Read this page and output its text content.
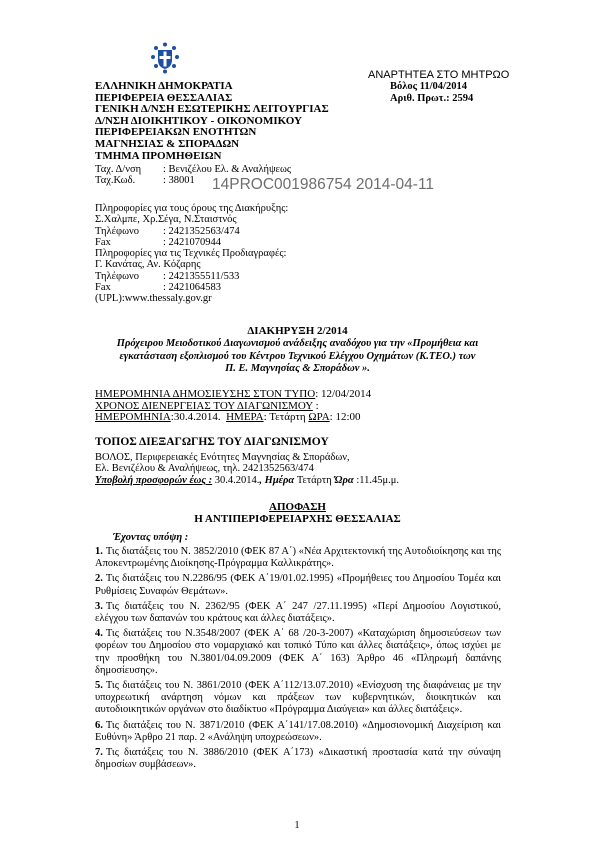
ΑΝΑΡΤΗΤΕΑ ΣΤΟ ΜΗΤΡΩΟ
Βόλος 11/04/2014
Αριθ. Πρωτ.: 2594
ΕΛΛΗΝΙΚΗ ΔΗΜΟΚΡΑΤΙΑ
ΠΕΡΙΦΕΡΕΙΑ ΘΕΣΣΑΛΙΑΣ
ΓΕΝΙΚΗ Δ/ΝΣΗ ΕΣΩΤΕΡΙΚΗΣ ΛΕΙΤΟΥΡΓΙΑΣ
Δ/ΝΣΗ ΔΙΟΙΚΗΤΙΚΟΥ - ΟΙΚΟΝΟΜΙΚΟΥ
ΠΕΡΙΦΕΡΕΙΑΚΩΝ ΕΝΟΤΗΤΩΝ
ΜΑΓΝΗΣΙΑΣ & ΣΠΟΡΑΔΩΝ
ΤΜΗΜΑ ΠΡΟΜΗΘΕΙΩΝ
Ταχ. Δ/νση : Βενιζέλου Ελ. & Αναλήψεως
Ταχ.Κωδ.	: 38001	14PROC001986754 2014-04-11
Πληροφορίες για τους όρους της Διακήρυξης:
Σ.Χαλμπε, Χρ.Σέγα, Ν.Σταιστνός
Τηλέφωνο : 2421352563/474
Fax	: 2421070944
Πληροφορίες για τις Τεχνικές Προδιαγραφές:
Γ. Κανάτας, Αν. Κόζαρης
Τηλέφωνο : 2421355511/533
Fax	: 2421064583
(UPL):www.thessaly.gov.gr
ΔΙΑΚΗΡΥΞΗ 2/2014
Πρόχειρου Μειοδοτικού Διαγωνισμού ανάδειξης αναδόχου για την «Προμήθεια και
εγκατάσταση εξοπλισμού του Κέντρου Τεχνικού Ελέγχου Οχημάτων (Κ.ΤΕΟ.) των
Π. Ε. Μαγνησίας & Σποράδων ».
ΗΜΕΡΟΜΗΝΙΑ ΔΗΜΟΣΙΕΥΣΗΣ ΣΤΟΝ ΤΥΠΟ: 12/04/2014
ΧΡΟΝΟΣ ΔΙΕΝΕΡΓΕΙΑΣ ΤΟΥ ΔΙΑΓΩΝΙΣΜΟΥ :
ΗΜΕΡΟΜΗΝΙΑ:30.4.2014. ΗΜΕΡΑ: Τετάρτη ΩΡΑ: 12:00
ΤΟΠΟΣ ΔΙΕΞΑΓΩΓΗΣ ΤΟΥ ΔΙΑΓΩΝΙΣΜΟΥ
ΒΟΛΟΣ, Περιφερειακές Ενότητες Μαγνησίας & Σποράδων,
Ελ. Βενιζέλου & Αναλήψεως, τηλ. 2421352563/474
Υποβολή προσφορών έως : 30.4.2014., Ημέρα Τετάρτη Ώρα :11.45μ.μ.
ΑΠΟΦΑΣΗ
Η ΑΝΤΙΠΕΡΙΦΕΡΕΙΑΡΧΗΣ ΘΕΣΣΑΛΙΑΣ
Έχοντας υπόψη :
1. Τις διατάξεις του Ν. 3852/2010 (ΦΕΚ 87 Α΄) «Νέα Αρχιτεκτονική της Αυτοδιοίκησης και της Αποκεντρωμένης Διοίκησης-Πρόγραμμα Καλλικράτης».
2. Τις διατάξεις του Ν.2286/95 (ΦΕΚ Α΄19/01.02.1995) «Προμήθειες του Δημοσίου Τομέα και Ρυθμίσεις Συναφών Θεμάτων».
3. Τις διατάξεις του Ν. 2362/95 (ΦΕΚ Α΄ 247 /27.11.1995) «Περί Δημοσίου Λογιστικού, ελέγχου των δαπανών του κράτους και άλλες διατάξεις».
4. Τις διατάξεις του Ν.3548/2007 (ΦΕΚ Α΄ 68 /20-3-2007) «Καταχώριση δημοσιεύσεων των φορέων του Δημοσίου στο νομαρχιακό και τοπικό Τύπο και άλλες διατάξεις», όπως ισχύει με την προσθήκη του Ν.3801/04.09.2009 (ΦΕΚ Α΄ 163) Άρθρο 46 «Πληρωμή δαπάνης δημοσίευσης».
5. Τις διατάξεις του Ν. 3861/2010 (ΦΕΚ Α΄112/13.07.2010) «Ενίσχυση της διαφάνειας με την υποχρεωτική ανάρτηση νόμων και πράξεων των κυβερνητικών, διοικητικών και αυτοδιοικητικών οργάνων στο διαδίκτυο «Πρόγραμμα Διαύγεια» και άλλες διατάξεις».
6. Τις διατάξεις του Ν. 3871/2010 (ΦΕΚ Α΄141/17.08.2010) «Δημοσιονομική Διαχείριση και Ευθύνη» Άρθρο 21 παρ. 2 «Ανάληψη υποχρεώσεων».
7. Τις διατάξεις του Ν. 3886/2010 (ΦΕΚ Α΄173) «Δικαστική προστασία κατά την σύναψη δημοσίων συμβάσεων».
1
